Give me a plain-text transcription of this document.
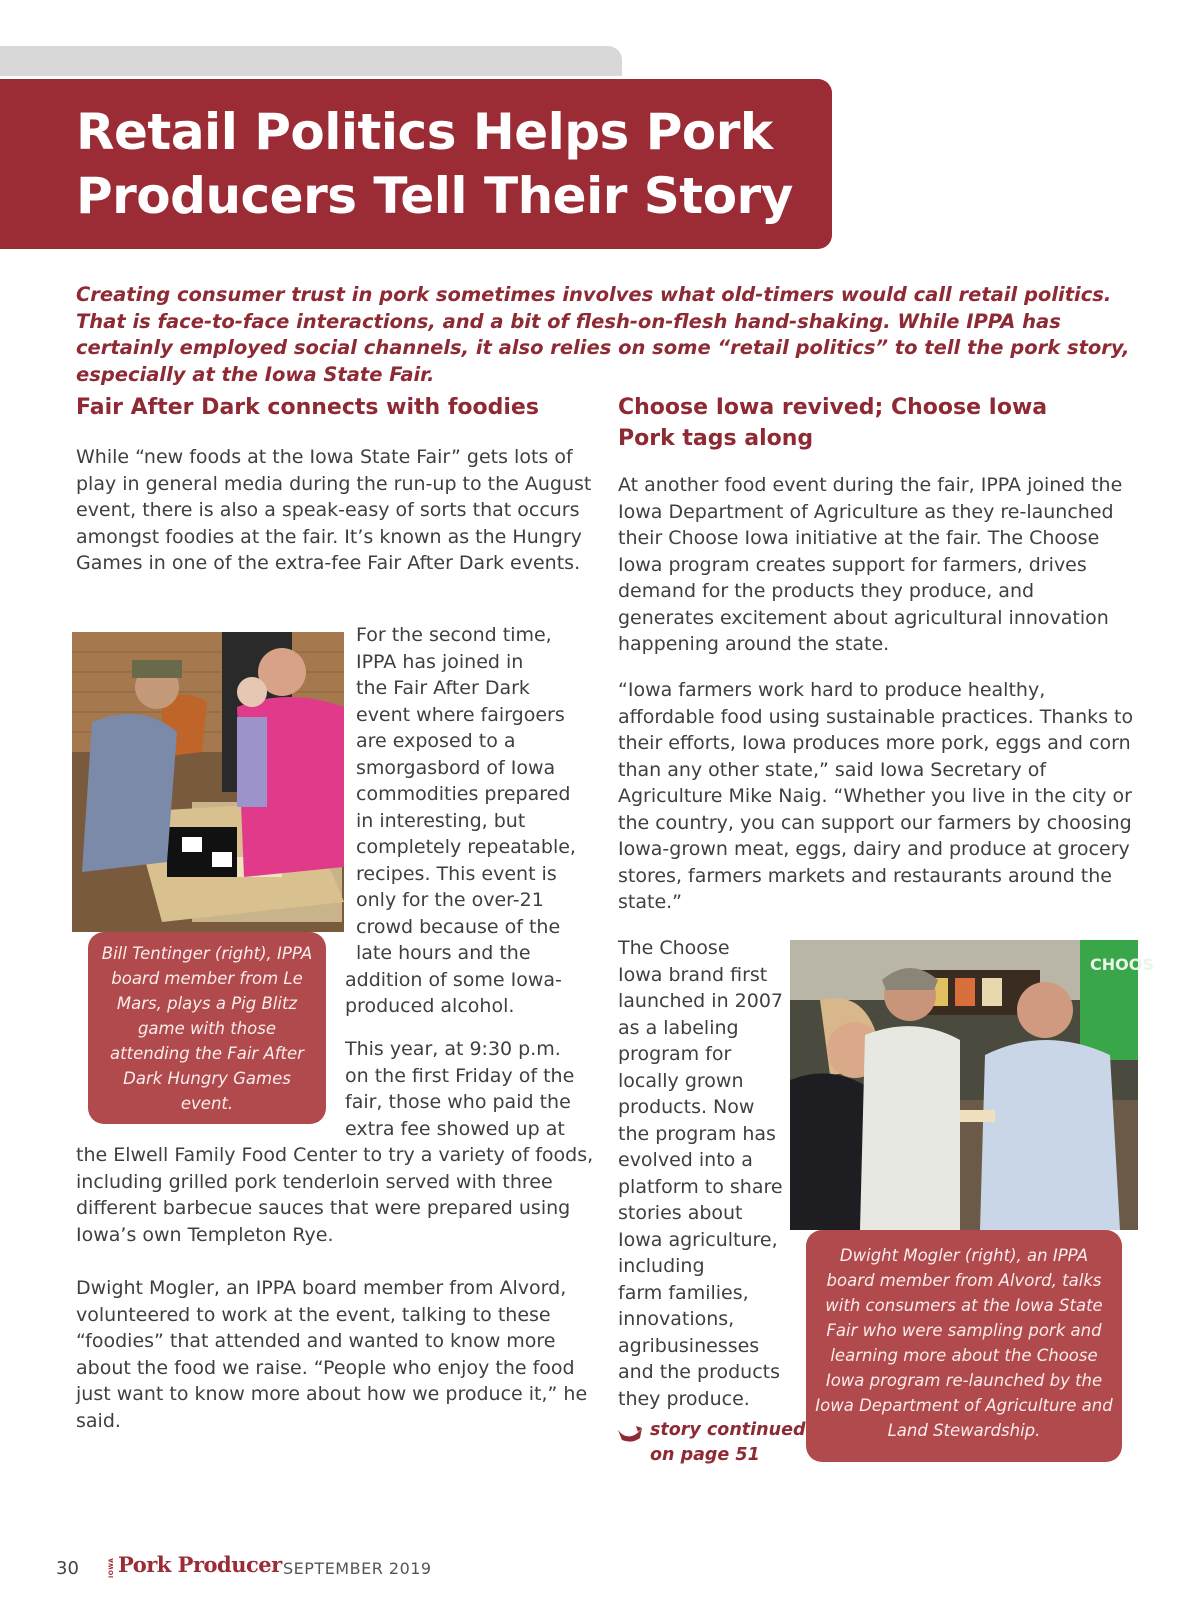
Retail Politics Helps Pork Producers Tell Their Story

Creating consumer trust in pork sometimes involves what old-timers would call retail politics. That is face-to-face interactions, and a bit of flesh-on-flesh hand-shaking. While IPPA has certainly employed social channels, it also relies on some “retail politics” to tell the pork story, especially at the Iowa State Fair.

Fair After Dark connects with foodies

While “new foods at the Iowa State Fair” gets lots of play in general media during the run-up to the August event, there is also a speak-easy of sorts that occurs amongst foodies at the fair. It’s known as the Hungry Games in one of the extra-fee Fair After Dark events.

Bill Tentinger (right), IPPA board member from Le Mars, plays a Pig Blitz game with those attending the Fair After Dark Hungry Games event.

For the second time,

IPPA has joined in

the Fair After Dark

event where fairgoers

are exposed to a

smorgasbord of Iowa

commodities prepared

in interesting, but

completely repeatable,

recipes. This event is

only for the over-21

crowd because of the

late hours and the

addition of some Iowa-

produced alcohol.

This year, at 9:30 p.m.

on the first Friday of the

fair, those who paid the

extra fee showed up at

the Elwell Family Food Center to try a variety of foods, including grilled pork tenderloin served with three different barbecue sauces that were prepared using Iowa’s own Templeton Rye.

Dwight Mogler, an IPPA board member from Alvord, volunteered to work at the event, talking to these “foodies” that attended and wanted to know more about the food we raise. “People who enjoy the food just want to know more about how we produce it,” he said.

Choose Iowa revived; Choose Iowa Pork tags along

At another food event during the fair, IPPA joined the Iowa Department of Agriculture as they re-launched their Choose Iowa initiative at the fair. The Choose Iowa program creates support for farmers, drives demand for the products they produce, and generates excitement about agricultural innovation happening around the state.

“Iowa farmers work hard to produce healthy, affordable food using sustainable practices. Thanks to their efforts, Iowa produces more pork, eggs and corn than any other state,” said Iowa Secretary of Agriculture Mike Naig. “Whether you live in the city or the country, you can support our farmers by choosing Iowa-grown meat, eggs, dairy and produce at grocery stores, farmers markets and restaurants around the state.”

The Choose

Iowa brand first

launched in 2007

as a labeling

program for

locally grown

products. Now

the program has

evolved into a

platform to share

stories about

Iowa agriculture,

including

farm families,

innovations,

agribusinesses

and the products

they produce.

story continued

on page 51

CHOOS

Dwight Mogler (right), an IPPA board member from Alvord, talks with consumers at the Iowa State Fair who were sampling pork and learning more about the Choose Iowa program re-launched by the Iowa Department of Agriculture and Land Stewardship.

30	IOWA Pork Producer SEPTEMBER 2019
